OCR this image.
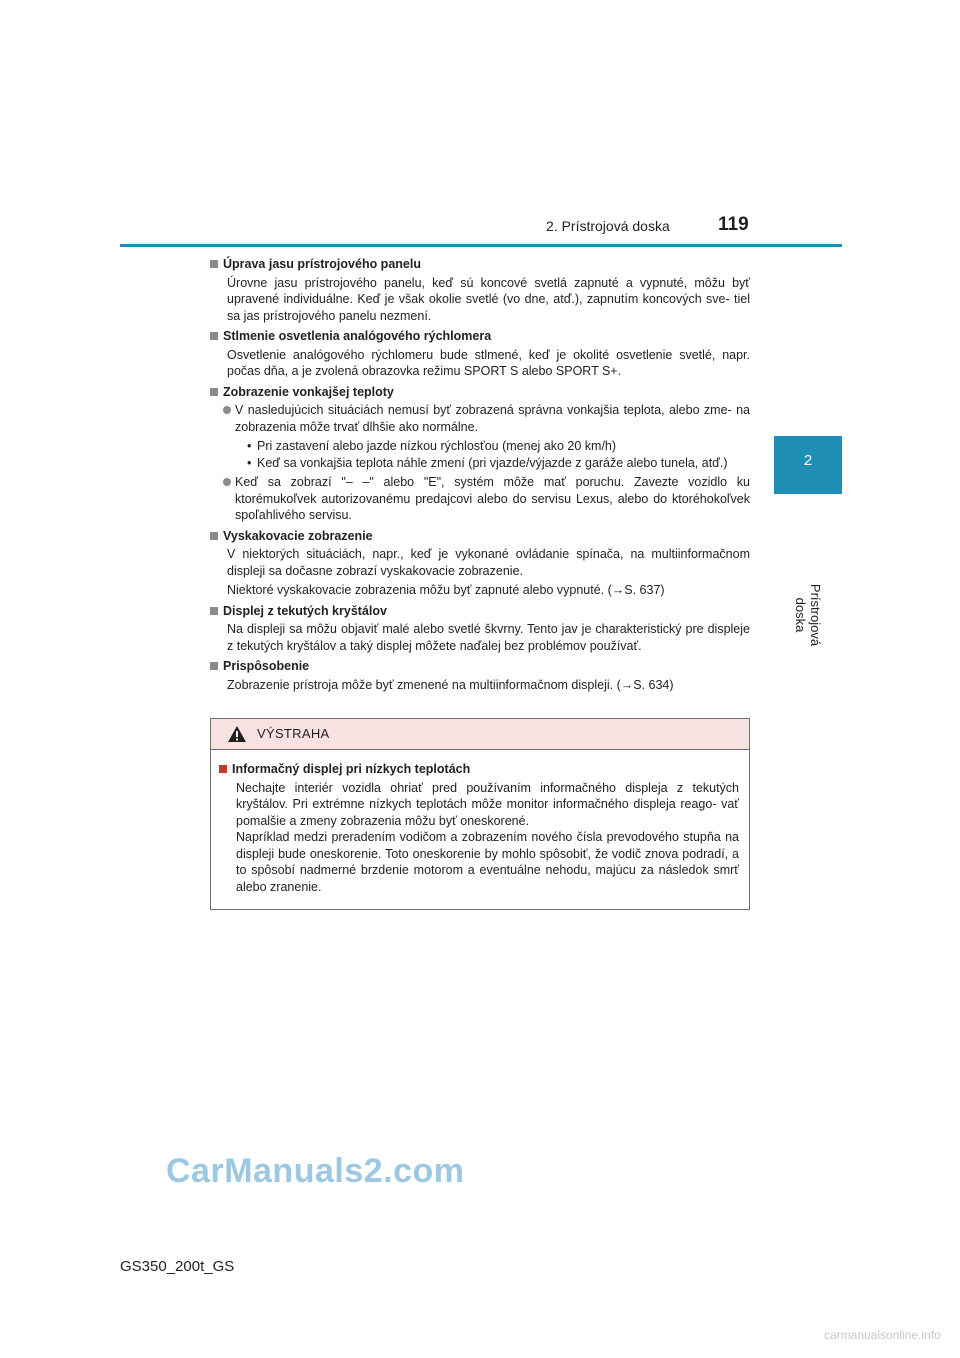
2. Prístrojová doska	119
2
Prístrojová doska
Úprava jasu prístrojového panelu
Úrovne jasu prístrojového panelu, keď sú koncové svetlá zapnuté a vypnuté, môžu byť upravené individuálne. Keď je však okolie svetlé (vo dne, atď.), zapnutím koncových sve- tiel sa jas prístrojového panelu nezmení.
Stlmenie osvetlenia analógového rýchlomera
Osvetlenie analógového rýchlomeru bude stlmené, keď je okolité osvetlenie svetlé, napr. počas dňa, a je zvolená obrazovka režimu SPORT S alebo SPORT S+.
Zobrazenie vonkajšej teploty
V nasledujúcich situáciách nemusí byť zobrazená správna vonkajšia teplota, alebo zme- na zobrazenia môže trvať dlhšie ako normálne.
• Pri zastavení alebo jazde nízkou rýchlosťou (menej ako 20 km/h)
• Keď sa vonkajšia teplota náhle zmení (pri vjazde/výjazde z garáže alebo tunela, atď.)
Keď sa zobrazí "– –" alebo "E", systém môže mať poruchu. Zavezte vozidlo ku ktorémukoľvek autorizovanému predajcovi alebo do servisu Lexus, alebo do ktoréhokoľvek spoľahlivého servisu.
Vyskakovacie zobrazenie
V niektorých situáciách, napr., keď je vykonané ovládanie spínača, na multiinformačnom displeji sa dočasne zobrazí vyskakovacie zobrazenie.
Niektoré vyskakovacie zobrazenia môžu byť zapnuté alebo vypnuté. (→S. 637)
Displej z tekutých kryštálov
Na displeji sa môžu objaviť malé alebo svetlé škvrny. Tento jav je charakteristický pre displeje z tekutých kryštálov a taký displej môžete naďalej bez problémov používať.
Prispôsobenie
Zobrazenie prístroja môže byť zmenené na multiinformačnom displeji. (→S. 634)
VÝSTRAHA
Informačný displej pri nízkych teplotách
Nechajte interiér vozidla ohriať pred používaním informačného displeja z tekutých kryštálov. Pri extrémne nízkych teplotách môže monitor informačného displeja reago- vať pomalšie a zmeny zobrazenia môžu byť oneskorené.
Napríklad medzi preradením vodičom a zobrazením nového čísla prevodového stupňa na displeji bude oneskorenie. Toto oneskorenie by mohlo spôsobiť, že vodič znova podradí, a to spôsobí nadmerné brzdenie motorom a eventuálne nehodu, majúcu za následok smrť alebo zranenie.
CarManuals2.com
GS350_200t_GS
carmanualsonline.info
